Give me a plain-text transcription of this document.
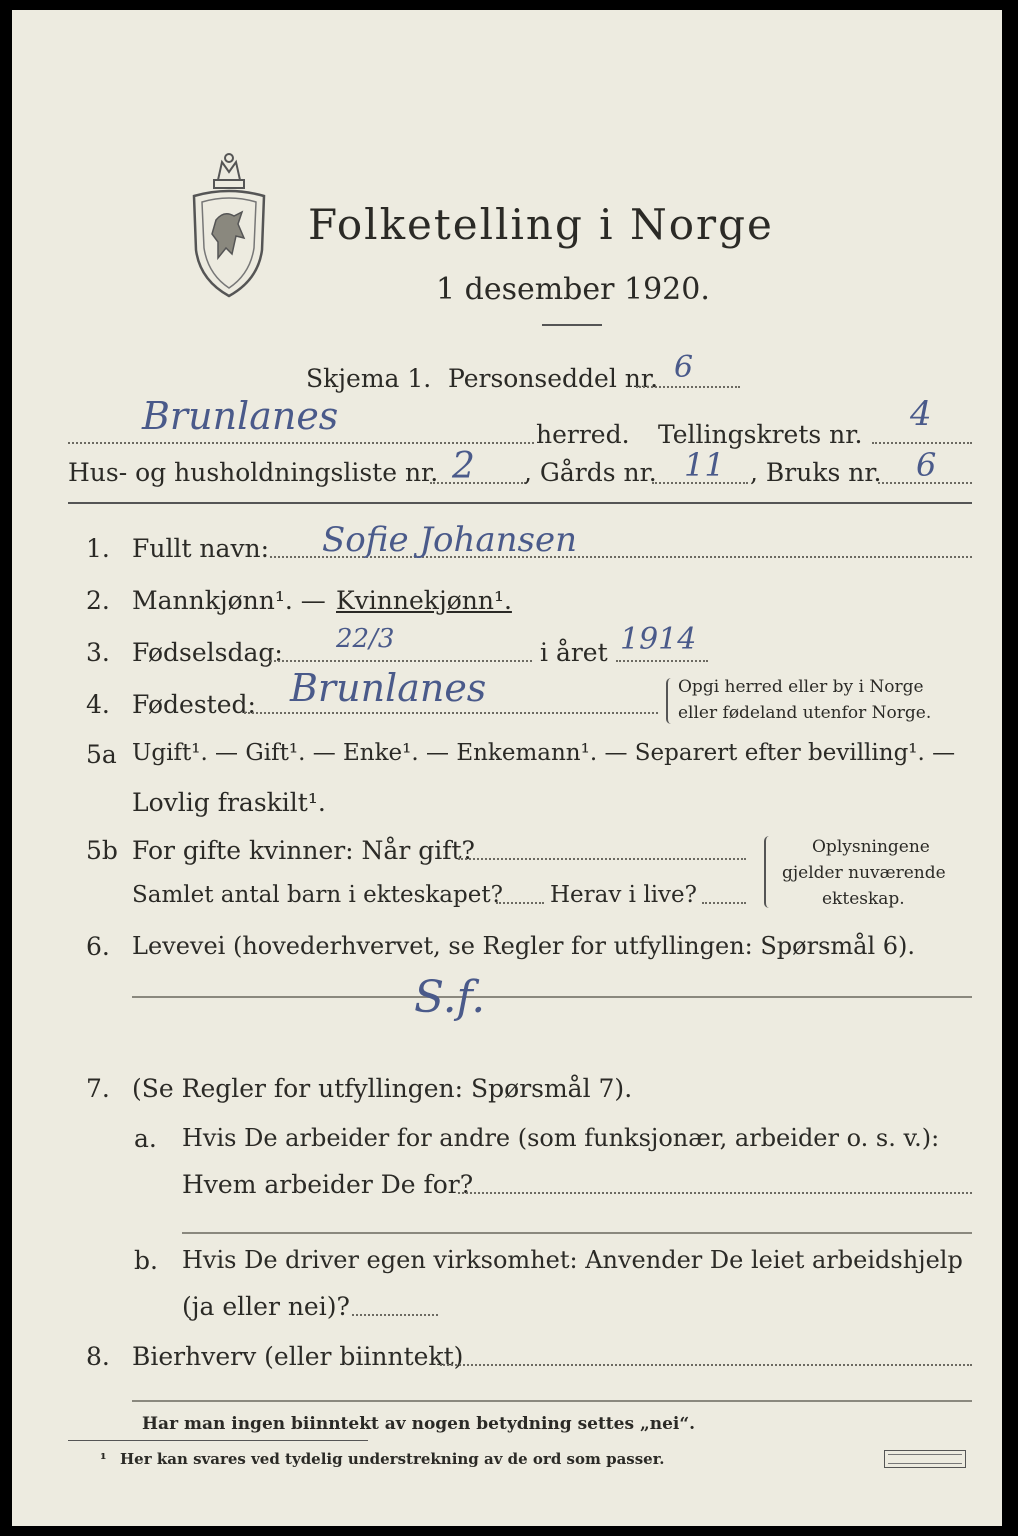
Folketelling i Norge
1 desember 1920.
Skjema 1. Personseddel nr. 6
Brunlanes	herred. Tellingskrets nr.
4
Hus- og husholdningsliste nr. 2 , Gårds nr. 11 , Bruks nr. 6
1. Fullt navn: Sofie Johansen
2. Mannkjønn¹. — Kvinnekjønn¹.
3. Fødselsdag: 22/3	i året 1914
4. Fødested: Brunlanes	Opgi herred eller by i Norge
eller fødeland utenfor Norge.
5a Ugift¹. — Gift¹. — Enke¹. — Enkemann¹. — Separert efter bevilling¹. —
Lovlig fraskilt¹.
5b For gifte kvinner: Når gift?
Samlet antal barn i ekteskapet? Herav i live?
Oplysningene
gjelder nuværende
ekteskap.
6. Levevei (hovederhvervet, se Regler for utfyllingen: Spørsmål 6).
S.f.
7. (Se Regler for utfyllingen: Spørsmål 7).
a. Hvis De arbeider for andre (som funksjonær, arbeider o. s. v.):
Hvem arbeider De for?
b. Hvis De driver egen virksomhet: Anvender De leiet arbeidshjelp
(ja eller nei)?
8. Bierhverv (eller biinntekt)
Har man ingen biinntekt av nogen betydning settes „nei“.
¹ Her kan svares ved tydelig understrekning av de ord som passer.
